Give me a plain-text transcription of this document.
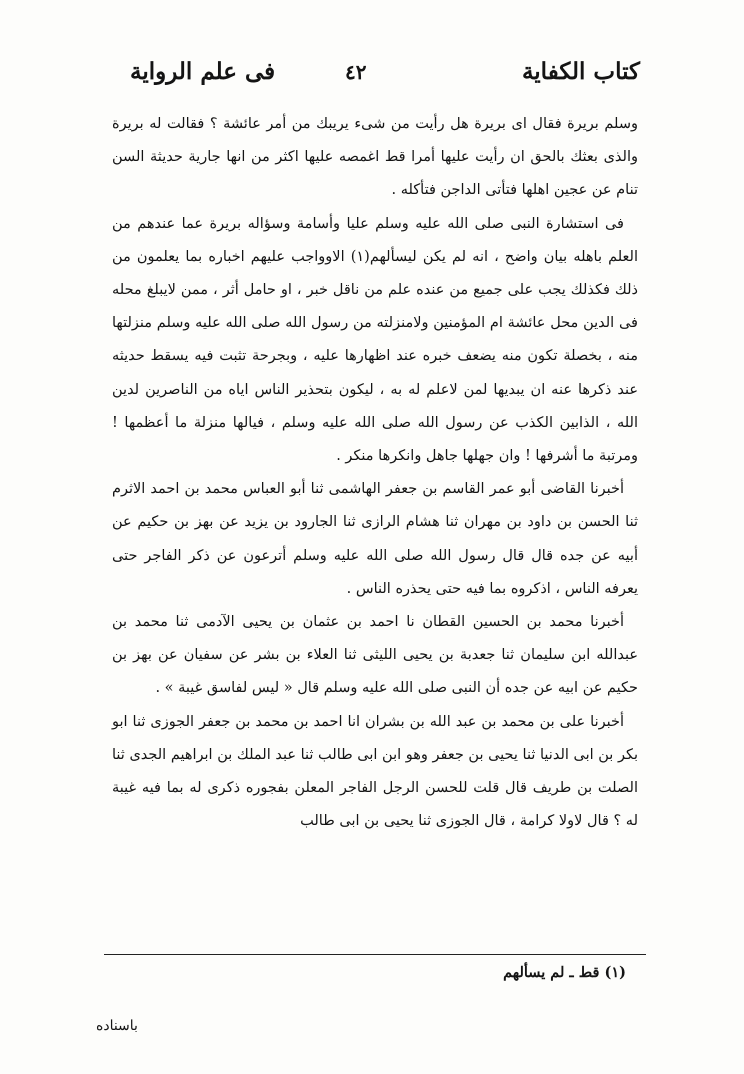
كتاب الكفاية
٤٢
فى علم الرواية

وسلم بريرة فقال اى بريرة هل رأيت من شىء يريبك من أمر عائشة ؟ فقالت له بريرة والذى بعثك بالحق ان رأيت عليها أمرا قط اغمصه عليها اكثر من انها جارية حديثة السن تنام عن عجين اهلها فتأتى الداجن فتأكله .

فى استشارة النبى صلى الله عليه وسلم عليا وأسامة وسؤاله بريرة عما عندهم من العلم باهله بيان واضح ، انه لم يكن ليسألهم(١) الاوواجب عليهم اخباره بما يعلمون من ذلك فكذلك يجب على جميع من عنده علم من ناقل خبر ، او حامل أثر ، ممن لايبلغ محله فى الدين محل عائشة ام المؤمنين ولامنزلته من رسول الله صلى الله عليه وسلم منزلتها منه ، بخصلة تكون منه يضعف خبره عند اظهارها عليه ، وبجرحة تثبت فيه يسقط حديثه عند ذكرها عنه ان يبديها لمن لاعلم له به ، ليكون بتحذير الناس اياه من الناصرين لدين الله ، الذابين الكذب عن رسول الله صلى الله عليه وسلم ، فيالها منزلة ما أعظمها ! ومرتبة ما أشرفها ! وان جهلها جاهل وانكرها منكر .

أخبرنا القاضى أبو عمر القاسم بن جعفر الهاشمى ثنا أبو العباس محمد بن احمد الاثرم ثنا الحسن بن داود بن مهران ثنا هشام الرازى ثنا الجارود بن يزيد عن بهز بن حكيم عن أبيه عن جده قال قال رسول الله صلى الله عليه وسلم أترعون عن ذكر الفاجر حتى يعرفه الناس ، اذكروه بما فيه حتى يحذره الناس .

أخبرنا محمد بن الحسين القطان نا احمد بن عثمان بن يحيى الآدمى ثنا محمد بن عبدالله ابن سليمان ثنا جعدبة بن يحيى الليثى ثنا العلاء بن بشر عن سفيان عن بهز بن حكيم عن ابيه عن جده أن النبى صلى الله عليه وسلم قال « ليس لفاسق غيبة » .

أخبرنا على بن محمد بن عبد الله بن بشران انا احمد بن محمد بن جعفر الجوزى ثنا ابو بكر بن ابى الدنيا ثنا يحيى بن جعفر وهو ابن ابى طالب ثنا عبد الملك بن ابراهيم الجدى ثنا الصلت بن طريف قال قلت للحسن الرجل الفاجر المعلن بفجوره ذكرى له بما فيه غيبة له ؟ قال لاولا كرامة ، قال الجوزى ثنا يحيى بن ابى طالب

(١) قط ـ لم يسألهم
باسناده
